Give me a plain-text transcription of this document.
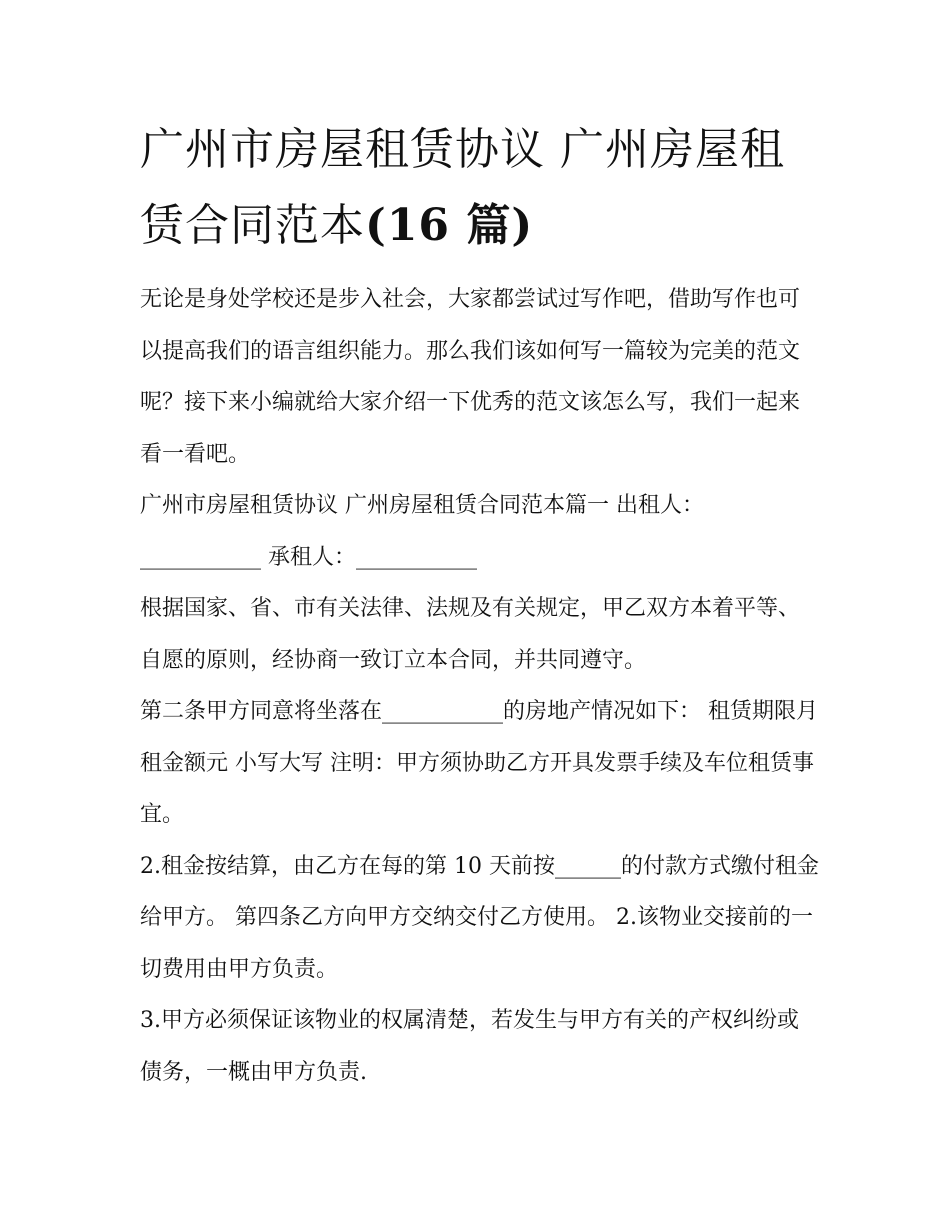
广州市房屋租赁协议 广州房屋租赁合同范本(16 篇)

无论是身处学校还是步入社会，大家都尝试过写作吧，借助写作也可以提高我们的语言组织能力。那么我们该如何写一篇较为完美的范文呢？接下来小编就给大家介绍一下优秀的范文该怎么写，我们一起来看一看吧。

广州市房屋租赁协议 广州房屋租赁合同范本篇一 出租人：___________ 承租人：___________

根据国家、省、市有关法律、法规及有关规定，甲乙双方本着平等、自愿的原则，经协商一致订立本合同，并共同遵守。

第二条甲方同意将坐落在___________的房地产情况如下： 租赁期限月租金额元 小写大写 注明：甲方须协助乙方开具发票手续及车位租赁事宜。

2.租金按结算，由乙方在每的第 10 天前按______的付款方式缴付租金给甲方。 第四条乙方向甲方交纳交付乙方使用。 2.该物业交接前的一切费用由甲方负责。

3.甲方必须保证该物业的权属清楚，若发生与甲方有关的产权纠纷或债务，一概由甲方负责.
